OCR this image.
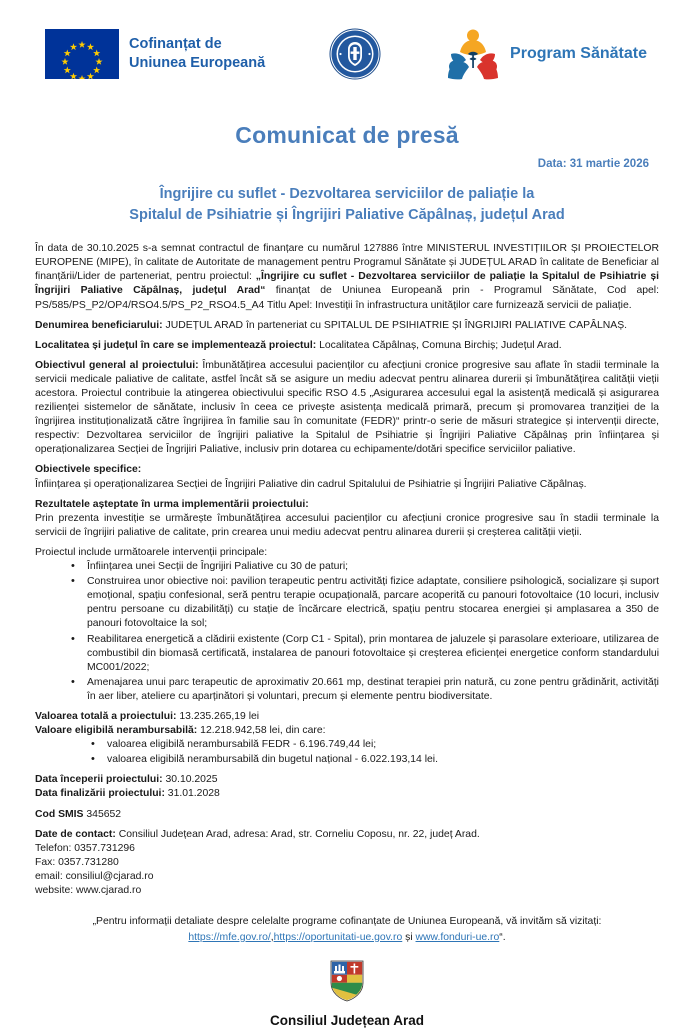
Cofinanțat de
Uniunea Europeană
Program Sănătate
Comunicat de presă
Data: 31 martie 2026
Îngrijire cu suflet - Dezvoltarea serviciilor de paliație la
Spitalul de Psihiatrie și Îngrijiri Paliative Căpâlnaș, județul Arad

În data de 30.10.2025 s-a semnat contractul de finanțare cu numărul 127886 între MINISTERUL INVESTIȚIILOR ȘI PROIECTELOR EUROPENE (MIPE), în calitate de Autoritate de management pentru Programul Sănătate și JUDEȚUL ARAD în calitate de Beneficiar al finanțării/Lider de parteneriat, pentru proiectul: „Îngrijire cu suflet - Dezvoltarea serviciilor de paliație la Spitalul de Psihiatrie și Îngrijiri Paliative Căpâlnaș, județul Arad“ finanțat de Uniunea Europeană prin - Programul Sănătate, Cod apel: PS/585/PS_P2/OP4/RSO4.5/PS_P2_RSO4.5_A4 Titlu Apel: Investiții în infrastructura unităților care furnizează servicii de paliație.

Denumirea beneficiarului: JUDEȚUL ARAD în parteneriat cu SPITALUL DE PSIHIATRIE ȘI ÎNGRIJIRI PALIATIVE CAPÂLNAȘ.

Localitatea și județul în care se implementează proiectul: Localitatea Căpâlnaș, Comuna Birchiș; Județul Arad.

Obiectivul general al proiectului: Îmbunătățirea accesului pacienților cu afecțiuni cronice progresive sau aflate în stadii terminale la servicii medicale paliative de calitate, astfel încât să se asigure un mediu adecvat pentru alinarea durerii și îmbunătățirea calității vieții acestora. Proiectul contribuie la atingerea obiectivului specific RSO 4.5 „Asigurarea accesului egal la asistență medicală și asigurarea rezilienței sistemelor de sănătate, inclusiv în ceea ce privește asistența medicală primară, precum și promovarea tranziției de la îngrijirea instituționalizată către îngrijirea în familie sau în comunitate (FEDR)“ printr-o serie de măsuri strategice și intervenții directe, respectiv: Dezvoltarea serviciilor de îngrijiri paliative la Spitalul de Psihiatrie și Îngrijiri Paliative Căpâlnaș prin înființarea și operaționalizarea Secției de Îngrijiri Paliative, inclusiv prin dotarea cu echipamente/dotări specifice serviciilor paliative.

Obiectivele specifice:

Înființarea și operaționalizarea Secției de Îngrijiri Paliative din cadrul Spitalului de Psihiatrie și Îngrijiri Paliative Căpâlnaș.

Rezultatele așteptate în urma implementării proiectului:

Prin prezenta investiție se urmărește îmbunătățirea accesului pacienților cu afecțiuni cronice progresive sau în stadii terminale la servicii de îngrijiri paliative de calitate, prin crearea unui mediu adecvat pentru alinarea durerii și creșterea calității vieții.

Proiectul include următoarele intervenții principale:

• Înființarea unei Secții de Îngrijiri Paliative cu 30 de paturi;
• Construirea unor obiective noi: pavilion terapeutic pentru activități fizice adaptate, consiliere psihologică, socializare și suport emoțional, spațiu confesional, seră pentru terapie ocupațională, parcare acoperită cu panouri fotovoltaice (10 locuri, inclusiv pentru persoane cu dizabilități) cu stație de încărcare electrică, spațiu pentru stocarea energiei și amplasarea a 350 de panouri fotovoltaice la sol;
• Reabilitarea energetică a clădirii existente (Corp C1 - Spital), prin montarea de jaluzele și parasolare exterioare, utilizarea de combustibil din biomasă certificată, instalarea de panouri fotovoltaice și creșterea eficienței energetice conform standardului MC001/2022;
• Amenajarea unui parc terapeutic de aproximativ 20.661 mp, destinat terapiei prin natură, cu zone pentru grădinărit, activități în aer liber, ateliere cu aparținători și voluntari, precum și elemente pentru biodiversitate.

Valoarea totală a proiectului: 13.235.265,19 lei

Valoare eligibilă nerambursabilă: 12.218.942,58 lei, din care:

• valoarea eligibilă nerambursabilă FEDR - 6.196.749,44 lei;
• valoarea eligibilă nerambursabilă din bugetul național - 6.022.193,14 lei.

Data începerii proiectului: 30.10.2025

Data finalizării proiectului: 31.01.2028

Cod SMIS 345652

Date de contact: Consiliul Județean Arad, adresa: Arad, str. Corneliu Coposu, nr. 22, județ Arad.

Telefon: 0357.731296

Fax: 0357.731280

email: consiliul@cjarad.ro

website: www.cjarad.ro

„Pentru informații detaliate despre celelalte programe cofinanțate de Uniunea Europeană, vă invităm să vizitați:
https://mfe.gov.ro/,https://oportunitati-ue.gov.ro și www.fonduri-ue.ro“.
Consiliul Județean Arad
